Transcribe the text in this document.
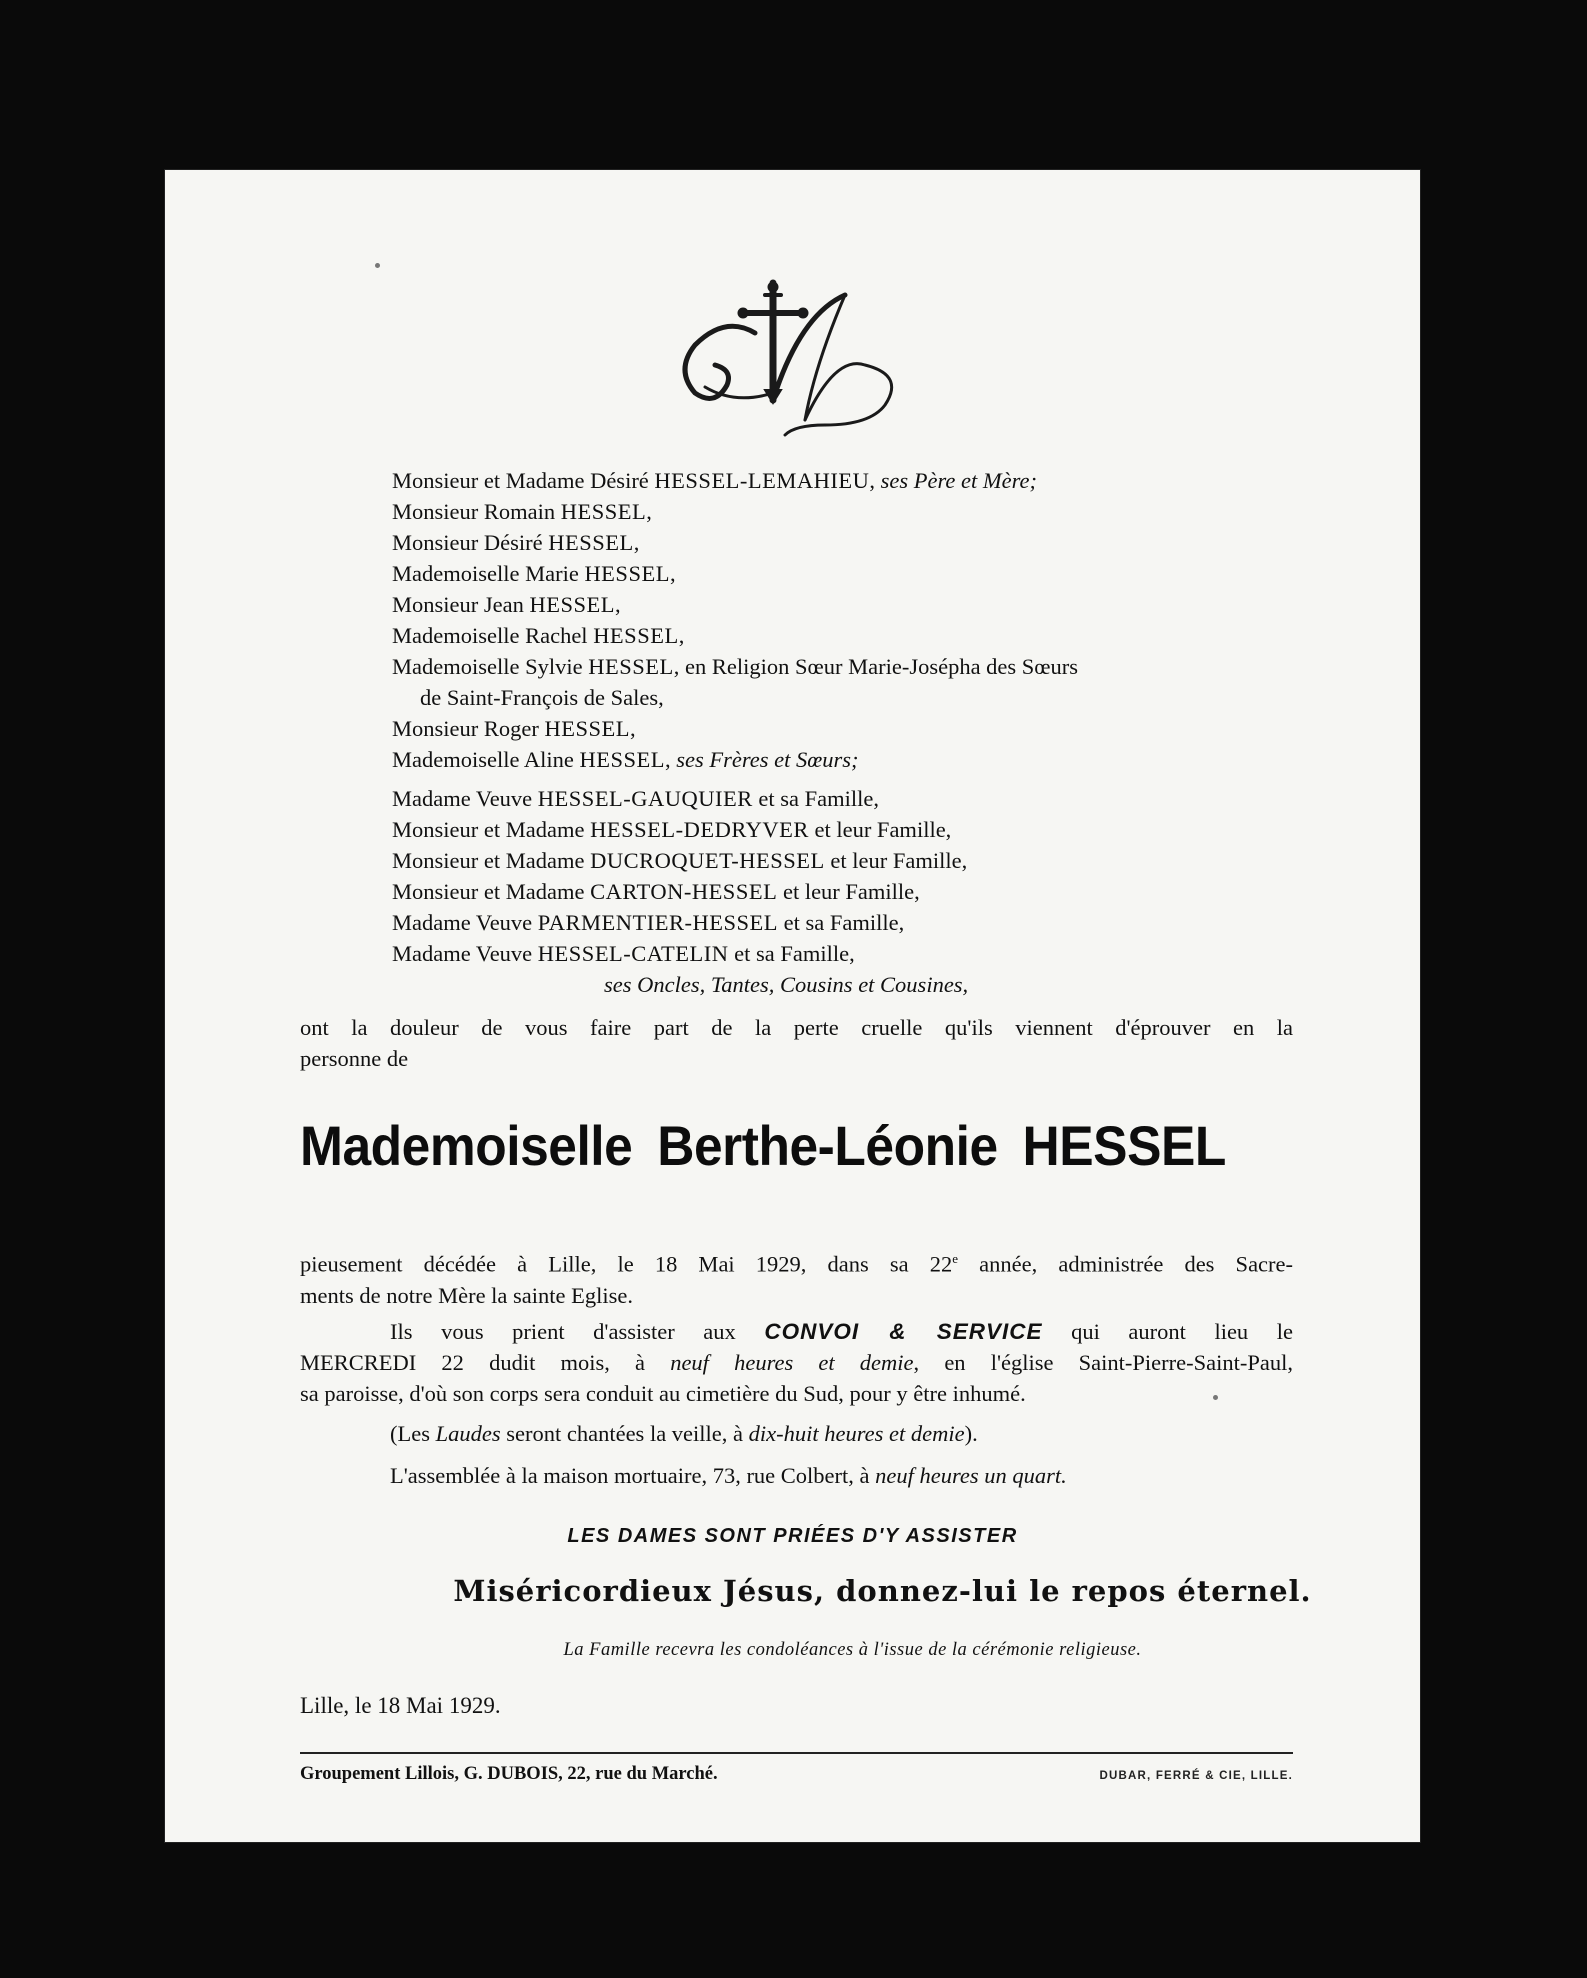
Monsieur et Madame Désiré HESSEL-LEMAHIEU, ses Père et Mère;
Monsieur Romain HESSEL,
Monsieur Désiré HESSEL,
Mademoiselle Marie HESSEL,
Monsieur Jean HESSEL,
Mademoiselle Rachel HESSEL,
Mademoiselle Sylvie HESSEL, en Religion Sœur Marie-Joséphа des Sœurs
de Saint-François de Sales,
Monsieur Roger HESSEL,
Mademoiselle Aline HESSEL, ses Frères et Sœurs;
Madame Veuve HESSEL-GAUQUIER et sa Famille,
Monsieur et Madame HESSEL-DEDRYVER et leur Famille,
Monsieur et Madame DUCROQUET-HESSEL et leur Famille,
Monsieur et Madame CARTON-HESSEL et leur Famille,
Madame Veuve PARMENTIER-HESSEL et sa Famille,
Madame Veuve HESSEL-CATELIN et sa Famille,
ses Oncles, Tantes, Cousins et Cousines,
ont la douleur de vous faire part de la perte cruelle qu'ils viennent d'éprouver en la
personne de
Mademoiselle Berthe-Léonie HESSEL
pieusement décédée à Lille, le 18 Mai 1929, dans sa 22e année, administrée des Sacre-
ments de notre Mère la sainte Eglise.
Ils vous prient d'assister aux CONVOI & SERVICE qui auront lieu le
MERCREDI 22 dudit mois, à neuf heures et demie, en l'église Saint-Pierre-Saint-Paul,
sa paroisse, d'où son corps sera conduit au cimetière du Sud, pour y être inhumé.
(Les Laudes seront chantées la veille, à dix-huit heures et demie).
L'assemblée à la maison mortuaire, 73, rue Colbert, à neuf heures un quart.
LES DAMES SONT PRIÉES D'Y ASSISTER
Miséricordieux Jésus, donnez-lui le repos éternel.
La Famille recevra les condoléances à l'issue de la cérémonie religieuse.
Lille, le 18 Mai 1929.
Groupement Lillois, G. DUBOIS, 22, rue du Marché.	DUBAR, FERRÉ & CIE, LILLE.
